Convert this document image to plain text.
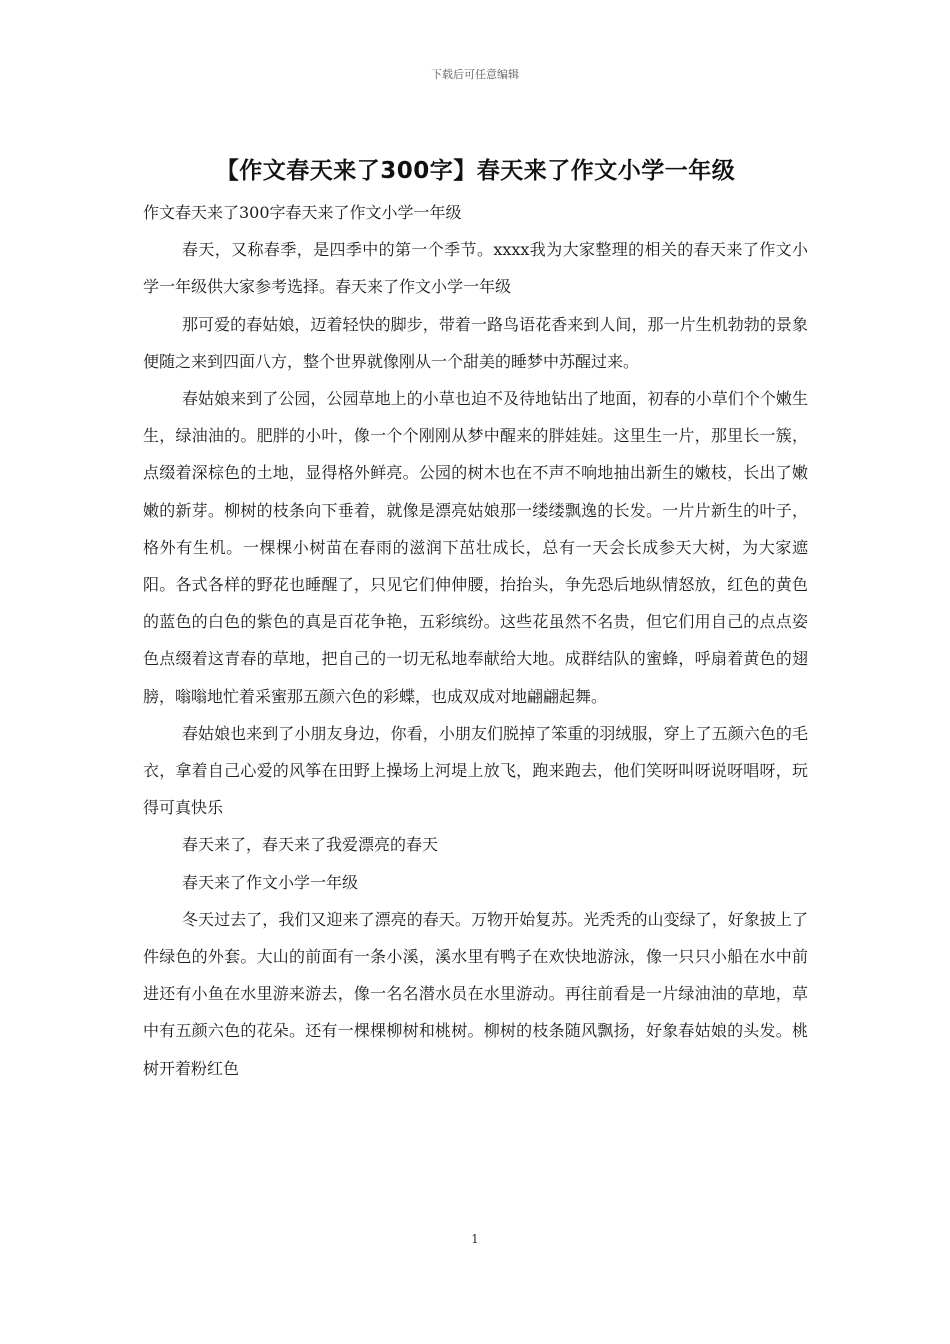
下载后可任意编辑
【作文春天来了300字】春天来了作文小学一年级

作文春天来了300字春天来了作文小学一年级

春天，又称春季，是四季中的第一个季节。xxxx我为大家整理的相关的春天来了作文小学一年级供大家参考选择。春天来了作文小学一年级

那可爱的春姑娘，迈着轻快的脚步，带着一路鸟语花香来到人间，那一片生机勃勃的景象便随之来到四面八方，整个世界就像刚从一个甜美的睡梦中苏醒过来。

春姑娘来到了公园，公园草地上的小草也迫不及待地钻出了地面，初春的小草们个个嫩生生，绿油油的。肥胖的小叶，像一个个刚刚从梦中醒来的胖娃娃。这里生一片，那里长一簇，点缀着深棕色的土地，显得格外鲜亮。公园的树木也在不声不响地抽出新生的嫩枝，长出了嫩嫩的新芽。柳树的枝条向下垂着，就像是漂亮姑娘那一缕缕飘逸的长发。一片片新生的叶子，格外有生机。一棵棵小树苗在春雨的滋润下茁壮成长，总有一天会长成参天大树，为大家遮阳。各式各样的野花也睡醒了，只见它们伸伸腰，抬抬头，争先恐后地纵情怒放，红色的黄色的蓝色的白色的紫色的真是百花争艳，五彩缤纷。这些花虽然不名贵，但它们用自己的点点姿色点缀着这青春的草地，把自己的一切无私地奉献给大地。成群结队的蜜蜂，呼扇着黄色的翅膀，嗡嗡地忙着采蜜那五颜六色的彩蝶，也成双成对地翩翩起舞。

春姑娘也来到了小朋友身边，你看，小朋友们脱掉了笨重的羽绒服，穿上了五颜六色的毛衣，拿着自己心爱的风筝在田野上操场上河堤上放飞，跑来跑去，他们笑呀叫呀说呀唱呀，玩得可真快乐

春天来了，春天来了我爱漂亮的春天

春天来了作文小学一年级

冬天过去了，我们又迎来了漂亮的春天。万物开始复苏。光秃秃的山变绿了，好象披上了件绿色的外套。大山的前面有一条小溪，溪水里有鸭子在欢快地游泳，像一只只小船在水中前进还有小鱼在水里游来游去，像一名名潜水员在水里游动。再往前看是一片绿油油的草地，草中有五颜六色的花朵。还有一棵棵柳树和桃树。柳树的枝条随风飘扬，好象春姑娘的头发。桃树开着粉红色

1
